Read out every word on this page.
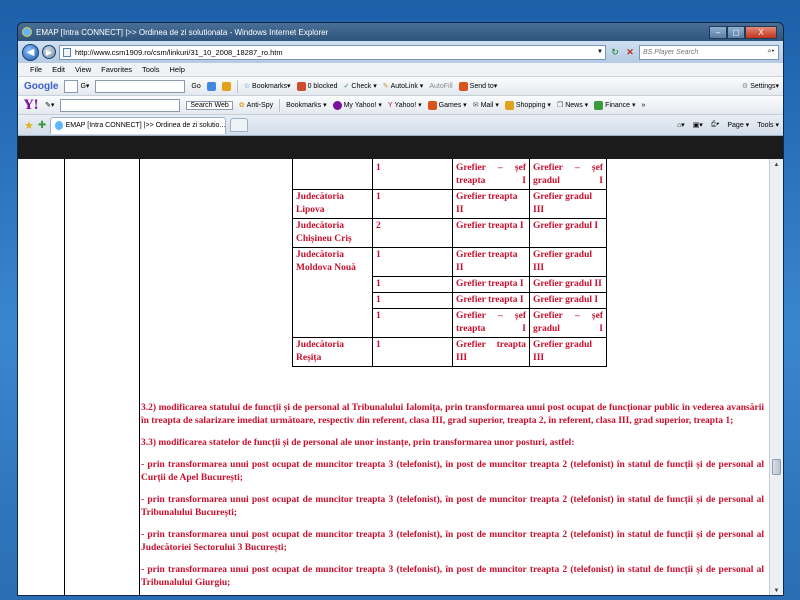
EMAP [Intra CONNECT] |>> Ordinea de zi solutionata - Windows Internet Explorer	‒	▢	X
◀	▶	http://www.csm1909.ro/csm/linkuri/31_10_2008_18287_ro.htm	▼ ↻ ✕	BS.Player Search	⌕▾
File Edit View Favorites Tools Help
Google	G▾	Go	☆ Bookmarks▾ 0 blocked ✓ Check ▾ ✎ AutoLink ▾ AutoFill Send to▾	⚙ Settings▾
Y! ✎▾	Search Web	✿ Anti-Spy Bookmarks ▾ My Yahoo! ▾ Y Yahoo! ▾ Games ▾ ✉ Mail ▾ Shopping ▾ ❐ News ▾ Finance ▾ »
★ ✚	EMAP [Intra CONNECT] |>> Ordinea de zi solutio...	⌂▾ ▣▾ ⎙▾ Page ▾ Tools ▾
	1	Grefier – șef treapta I	Grefier – șef gradul I
Judecătoria Lipova	1	Grefier treapta II	Grefier gradul III
Judecătoria Chișineu Criș	2	Grefier treapta I	Grefier gradul I
Judecătoria Moldova Nouă	1	Grefier treapta II	Grefier gradul III
	1	Grefier treapta I	Grefier gradul II
	1	Grefier treapta I	Grefier gradul I
	1	Grefier – șef treapta I	Grefier – șef gradul I
Judecătoria Reșița	1	Grefier treapta III	Grefier gradul III

3.2) modificarea statului de funcții și de personal al Tribunalului Ialomița, prin transformarea unui post ocupat de funcționar public în vederea avansării în treapta de salarizare imediat următoare, respectiv din referent, clasa III, grad superior, treapta 2, în referent, clasa III, grad superior, treapta 1;

3.3) modificarea statelor de funcții și de personal ale unor instanțe, prin transformarea unor posturi, astfel:

- prin transformarea unui post ocupat de muncitor treapta 3 (telefonist), în post de muncitor treapta 2 (telefonist) în statul de funcții și de personal al Curții de Apel București;

- prin transformarea unui post ocupat de muncitor treapta 3 (telefonist), în post de muncitor treapta 2 (telefonist) în statul de funcții și de personal al Tribunalului București;

- prin transformarea unui post ocupat de muncitor treapta 3 (telefonist), în post de muncitor treapta 2 (telefonist) în statul de funcții și de personal al Judecătoriei Sectorului 3 București;

- prin transformarea unui post ocupat de muncitor treapta 3 (telefonist), în post de muncitor treapta 2 (telefonist) în statul de funcții și de personal al Tribunalului Giurgiu;

▲
▼
